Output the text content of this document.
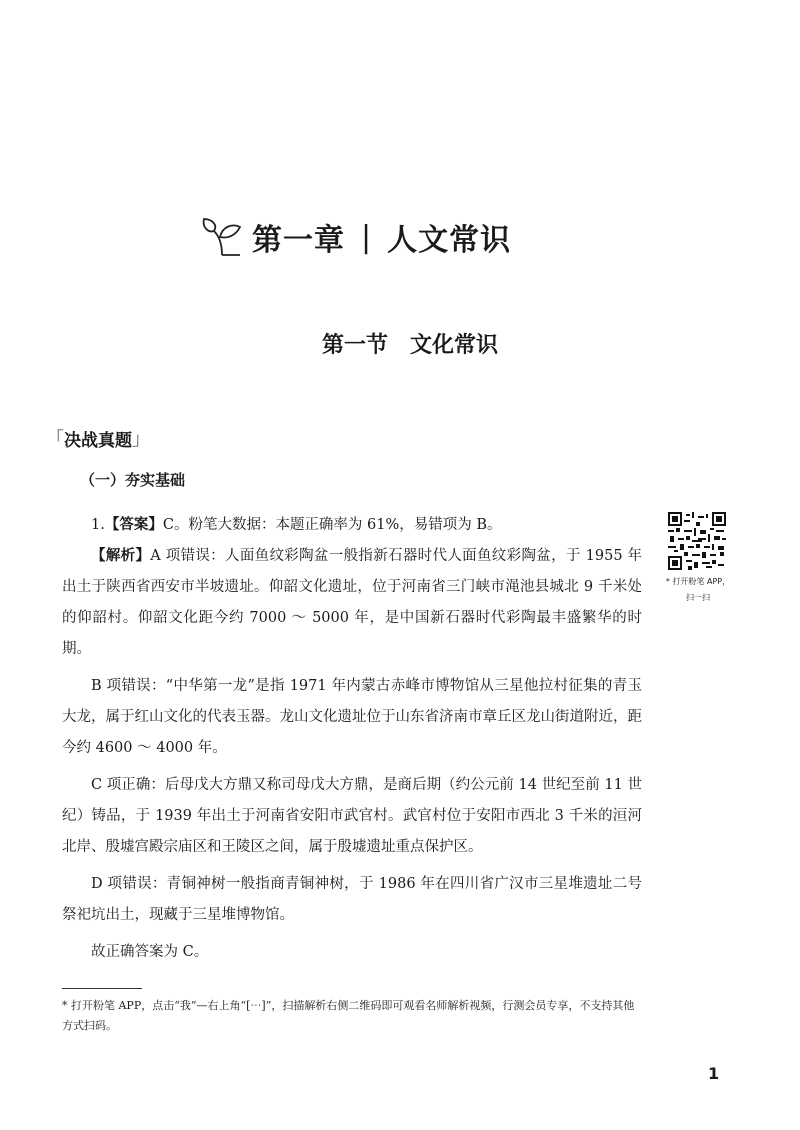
第一章 | 人文常识
第一节 文化常识
「 决战真题 」
（一）夯实基础

1.【答案】C。粉笔大数据：本题正确率为 61%，易错项为 B。

【解析】A 项错误：人面鱼纹彩陶盆一般指新石器时代人面鱼纹彩陶盆，于 1955 年出土于陕西省西安市半坡遗址。仰韶文化遗址，位于河南省三门峡市渑池县城北 9 千米处的仰韶村。仰韶文化距今约 7000 ～ 5000 年，是中国新石器时代彩陶最丰盛繁华的时期。

B 项错误：“中华第一龙”是指 1971 年内蒙古赤峰市博物馆从三星他拉村征集的青玉大龙，属于红山文化的代表玉器。龙山文化遗址位于山东省济南市章丘区龙山街道附近，距今约 4600 ～ 4000 年。

C 项正确：后母戊大方鼎又称司母戊大方鼎，是商后期（约公元前 14 世纪至前 11 世纪）铸品，于 1939 年出土于河南省安阳市武官村。武官村位于安阳市西北 3 千米的洹河北岸、殷墟宫殿宗庙区和王陵区之间，属于殷墟遗址重点保护区。

D 项错误：青铜神树一般指商青铜神树，于 1986 年在四川省广汉市三星堆遗址二号祭祀坑出土，现藏于三星堆博物馆。

故正确答案为 C。

* 打开粉笔 APP，
扫一扫
* 打开粉笔 APP，点击“我”—右上角“[⋯]”，扫描解析右侧二维码即可观看名师解析视频，行测会员专享，不支持其他方式扫码。
1
